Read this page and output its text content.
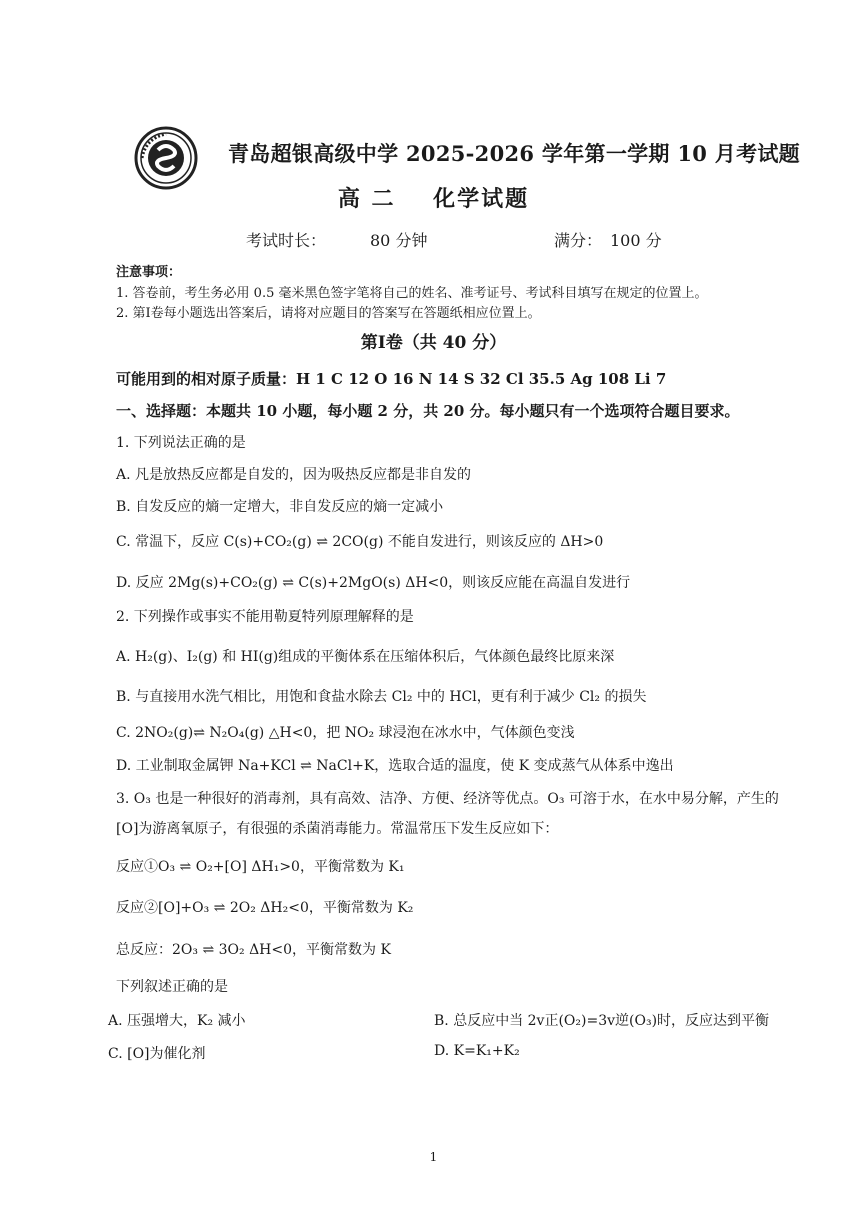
青岛超银高级中学 2025-2026 学年第一学期 10 月考试题
高 二 化学试题
考试时长：	80 分钟	满分： 100 分
注意事项：
1. 答卷前，考生务必用 0.5 毫米黑色签字笔将自己的姓名、准考证号、考试科目填写在规定的位置上。
2. 第Ⅰ卷每小题选出答案后，请将对应题目的答案写在答题纸相应位置上。
第Ⅰ卷（共 40 分）
可能用到的相对原子质量：H 1 C 12 O 16 N 14 S 32 Cl 35.5 Ag 108 Li 7
一、选择题：本题共 10 小题，每小题 2 分，共 20 分。每小题只有一个选项符合题目要求。
1. 下列说法正确的是
A. 凡是放热反应都是自发的，因为吸热反应都是非自发的
B. 自发反应的熵一定增大，非自发反应的熵一定减小
C. 常温下，反应 C(s)+CO₂(g) ⇌ 2CO(g) 不能自发进行，则该反应的 ΔH>0
D. 反应 2Mg(s)+CO₂(g) ⇌ C(s)+2MgO(s) ΔH<0，则该反应能在高温自发进行
2. 下列操作或事实不能用勒夏特列原理解释的是
A. H₂(g)、I₂(g) 和 HI(g)组成的平衡体系在压缩体积后，气体颜色最终比原来深
B. 与直接用水洗气相比，用饱和食盐水除去 Cl₂ 中的 HCl，更有利于减少 Cl₂ 的损失
C. 2NO₂(g)⇌ N₂O₄(g) △H<0，把 NO₂ 球浸泡在冰水中，气体颜色变浅
D. 工业制取金属钾 Na+KCl ⇌ NaCl+K，选取合适的温度，使 K 变成蒸气从体系中逸出
3. O₃ 也是一种很好的消毒剂，具有高效、洁净、方便、经济等优点。O₃ 可溶于水，在水中易分解，产生的
[O]为游离氧原子，有很强的杀菌消毒能力。常温常压下发生反应如下：
反应①O₃ ⇌ O₂+[O] ΔH₁>0，平衡常数为 K₁
反应②[O]+O₃ ⇌ 2O₂ ΔH₂<0，平衡常数为 K₂
总反应：2O₃ ⇌ 3O₂ ΔH<0，平衡常数为 K
下列叙述正确的是
A. 压强增大，K₂ 减小	B. 总反应中当 2v正(O₂)=3v逆(O₃)时，反应达到平衡
C. [O]为催化剂	D. K=K₁+K₂
1
